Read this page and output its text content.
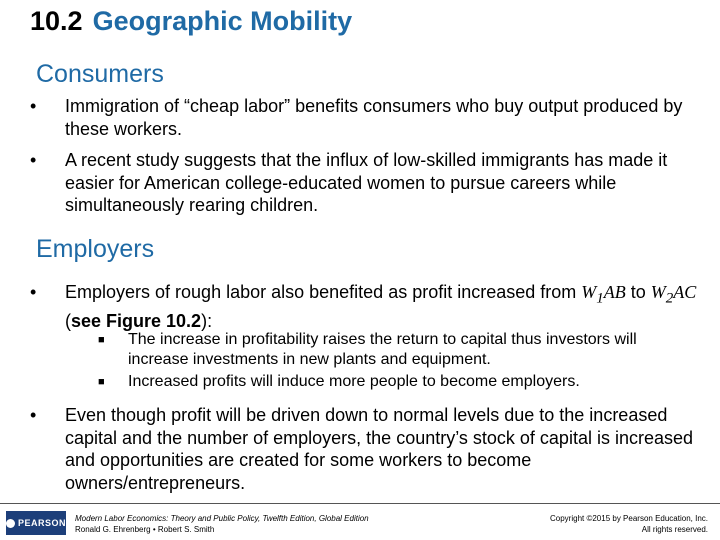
10.2 Geographic Mobility
Consumers
• Immigration of “cheap labor” benefits consumers who buy output produced by these workers.
• A recent study suggests that the influx of low-skilled immigrants has made it easier for American college-educated women to pursue careers while simultaneously rearing children.
Employers
• Employers of rough labor also benefited as profit increased from $W_1AB$ to $W_2AC$ (see Figure 10.2):
■ The increase in profitability raises the return to capital thus investors will increase investments in new plants and equipment.
■ Increased profits will induce more people to become employers.
• Even though profit will be driven down to normal levels due to the increased capital and the number of employers, the country’s stock of capital is increased and opportunities are created for some workers to become owners/entrepreneurs.
PEARSON Modern Labor Economics: Theory and Public Policy, Twelfth Edition, Global Edition
Ronald G. Ehrenberg • Robert S. Smith
Copyright ©2015 by Pearson Education, Inc.
All rights reserved.
